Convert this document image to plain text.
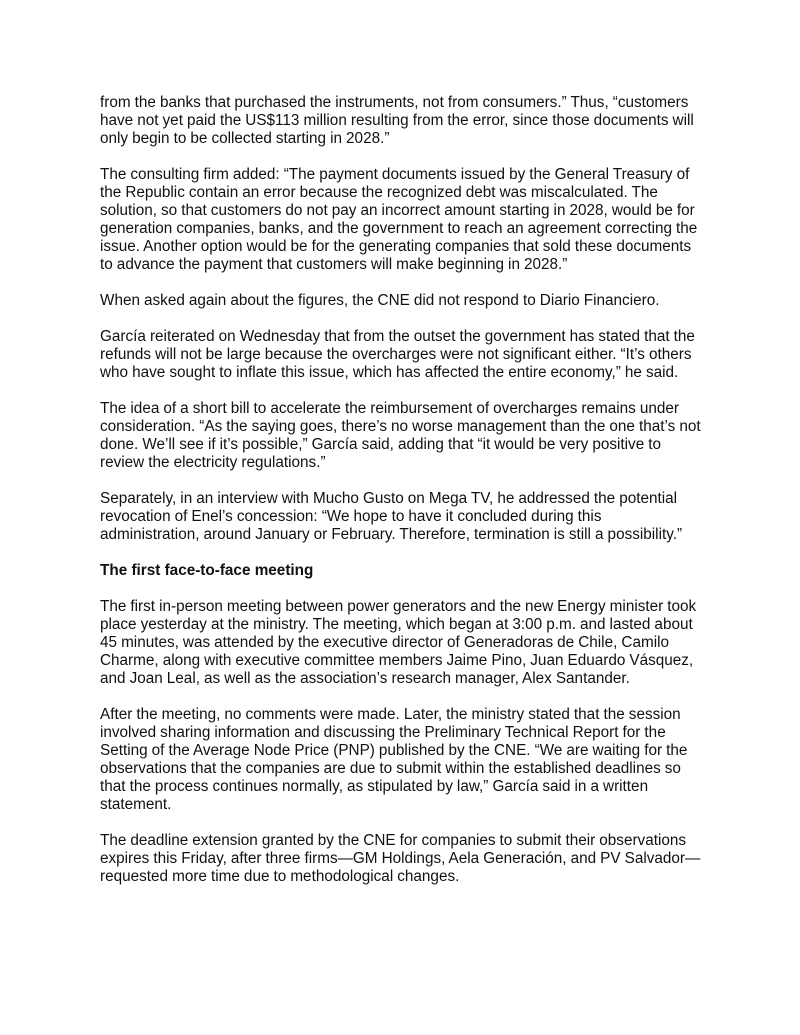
from the banks that purchased the instruments, not from consumers.” Thus, “customers have not yet paid the US$113 million resulting from the error, since those documents will only begin to be collected starting in 2028.”

The consulting firm added: “The payment documents issued by the General Treasury of the Republic contain an error because the recognized debt was miscalculated. The solution, so that customers do not pay an incorrect amount starting in 2028, would be for generation companies, banks, and the government to reach an agreement correcting the issue. Another option would be for the generating companies that sold these documents to advance the payment that customers will make beginning in 2028.”

When asked again about the figures, the CNE did not respond to Diario Financiero.

García reiterated on Wednesday that from the outset the government has stated that the refunds will not be large because the overcharges were not significant either. “It’s others who have sought to inflate this issue, which has affected the entire economy,” he said.

The idea of a short bill to accelerate the reimbursement of overcharges remains under consideration. “As the saying goes, there’s no worse management than the one that’s not done. We’ll see if it’s possible,” García said, adding that “it would be very positive to review the electricity regulations.”

Separately, in an interview with Mucho Gusto on Mega TV, he addressed the potential revocation of Enel’s concession: “We hope to have it concluded during this administration, around January or February. Therefore, termination is still a possibility.”

The first face-to-face meeting

The first in-person meeting between power generators and the new Energy minister took place yesterday at the ministry. The meeting, which began at 3:00 p.m. and lasted about 45 minutes, was attended by the executive director of Generadoras de Chile, Camilo Charme, along with executive committee members Jaime Pino, Juan Eduardo Vásquez, and Joan Leal, as well as the association’s research manager, Alex Santander.

After the meeting, no comments were made. Later, the ministry stated that the session involved sharing information and discussing the Preliminary Technical Report for the Setting of the Average Node Price (PNP) published by the CNE. “We are waiting for the observations that the companies are due to submit within the established deadlines so that the process continues normally, as stipulated by law,” García said in a written statement.

The deadline extension granted by the CNE for companies to submit their observations expires this Friday, after three firms—GM Holdings, Aela Generación, and PV Salvador—requested more time due to methodological changes.
